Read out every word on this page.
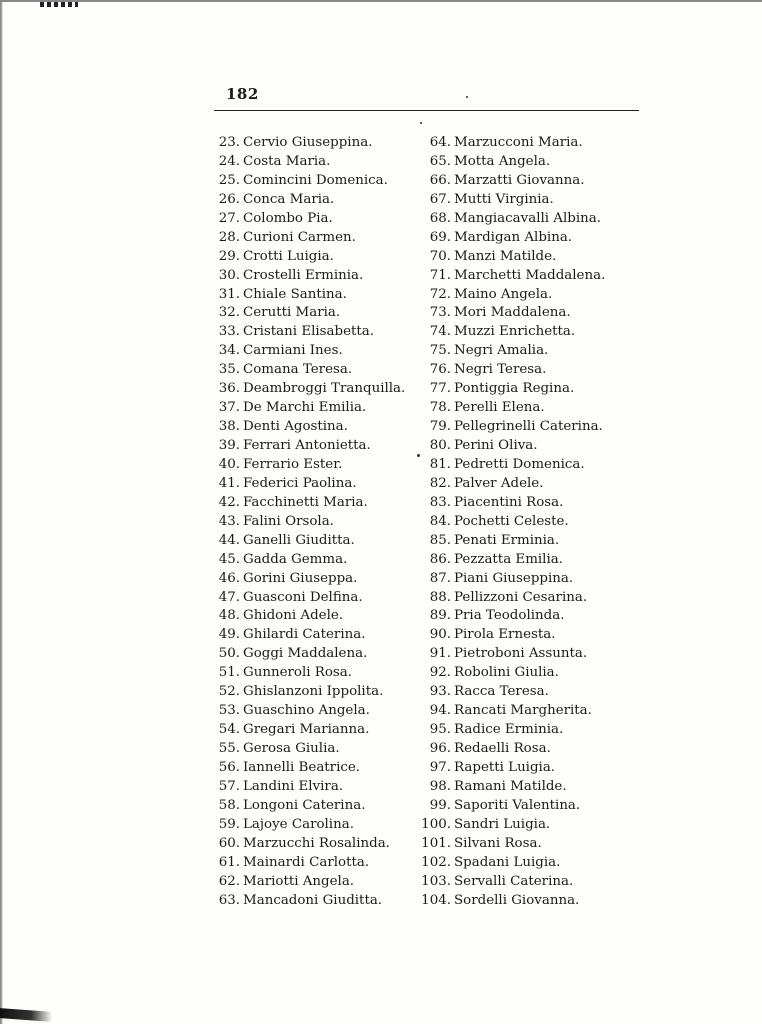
182
23. Cervio Giuseppina.
24. Costa Maria.
25. Comincini Domenica.
26. Conca Maria.
27. Colombo Pia.
28. Curioni Carmen.
29. Crotti Luigia.
30. Crostelli Erminia.
31. Chiale Santina.
32. Cerutti Maria.
33. Cristani Elisabetta.
34. Carmiani Ines.
35. Comana Teresa.
36. Deambroggi Tranquilla.
37. De Marchi Emilia.
38. Denti Agostina.
39. Ferrari Antonietta.
40. Ferrario Ester.
41. Federici Paolina.
42. Facchinetti Maria.
43. Falini Orsola.
44. Ganelli Giuditta.
45. Gadda Gemma.
46. Gorini Giuseppa.
47. Guasconi Delfina.
48. Ghidoni Adele.
49. Ghilardi Caterina.
50. Goggi Maddalena.
51. Gunneroli Rosa.
52. Ghislanzoni Ippolita.
53. Guaschino Angela.
54. Gregari Marianna.
55. Gerosa Giulia.
56. Iannelli Beatrice.
57. Landini Elvira.
58. Longoni Caterina.
59. Lajoye Carolina.
60. Marzucchi Rosalinda.
61. Mainardi Carlotta.
62. Mariotti Angela.
63. Mancadoni Giuditta.
64. Marzucconi Maria.
65. Motta Angela.
66. Marzatti Giovanna.
67. Mutti Virginia.
68. Mangiacavalli Albina.
69. Mardigan Albina.
70. Manzi Matilde.
71. Marchetti Maddalena.
72. Maino Angela.
73. Mori Maddalena.
74. Muzzi Enrichetta.
75. Negri Amalia.
76. Negri Teresa.
77. Pontiggia Regina.
78. Perelli Elena.
79. Pellegrinelli Caterina.
80. Perini Oliva.
81. Pedretti Domenica.
82. Palver Adele.
83. Piacentini Rosa.
84. Pochetti Celeste.
85. Penati Erminia.
86. Pezzatta Emilia.
87. Piani Giuseppina.
88. Pellizzoni Cesarina.
89. Pria Teodolinda.
90. Pirola Ernesta.
91. Pietroboni Assunta.
92. Robolini Giulia.
93. Racca Teresa.
94. Rancati Margherita.
95. Radice Erminia.
96. Redaelli Rosa.
97. Rapetti Luigia.
98. Ramani Matilde.
99. Saporiti Valentina.
100. Sandri Luigia.
101. Silvani Rosa.
102. Spadani Luigia.
103. Servalli Caterina.
104. Sordelli Giovanna.
